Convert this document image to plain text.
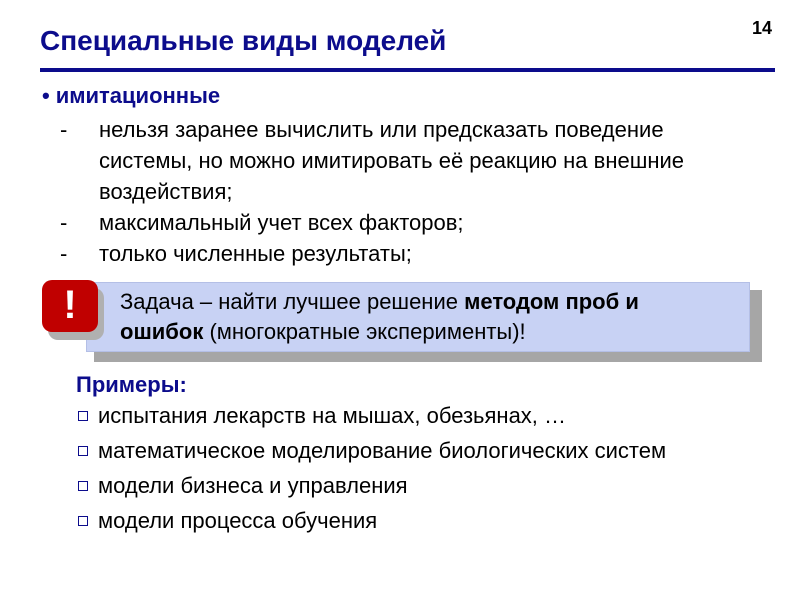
Специальные виды моделей	14
• имитационные
- нельзя заранее вычислить или предсказать поведение системы, но можно имитировать её реакцию на внешние воздействия;
- максимальный учет всех факторов;
- только численные результаты;
Задача – найти лучшее решение методом проб и ошибок (многократные эксперименты)!
!
Примеры:
испытания лекарств на мышах, обезьянах, …
математическое моделирование биологических систем
модели бизнеса и управления
модели процесса обучения
